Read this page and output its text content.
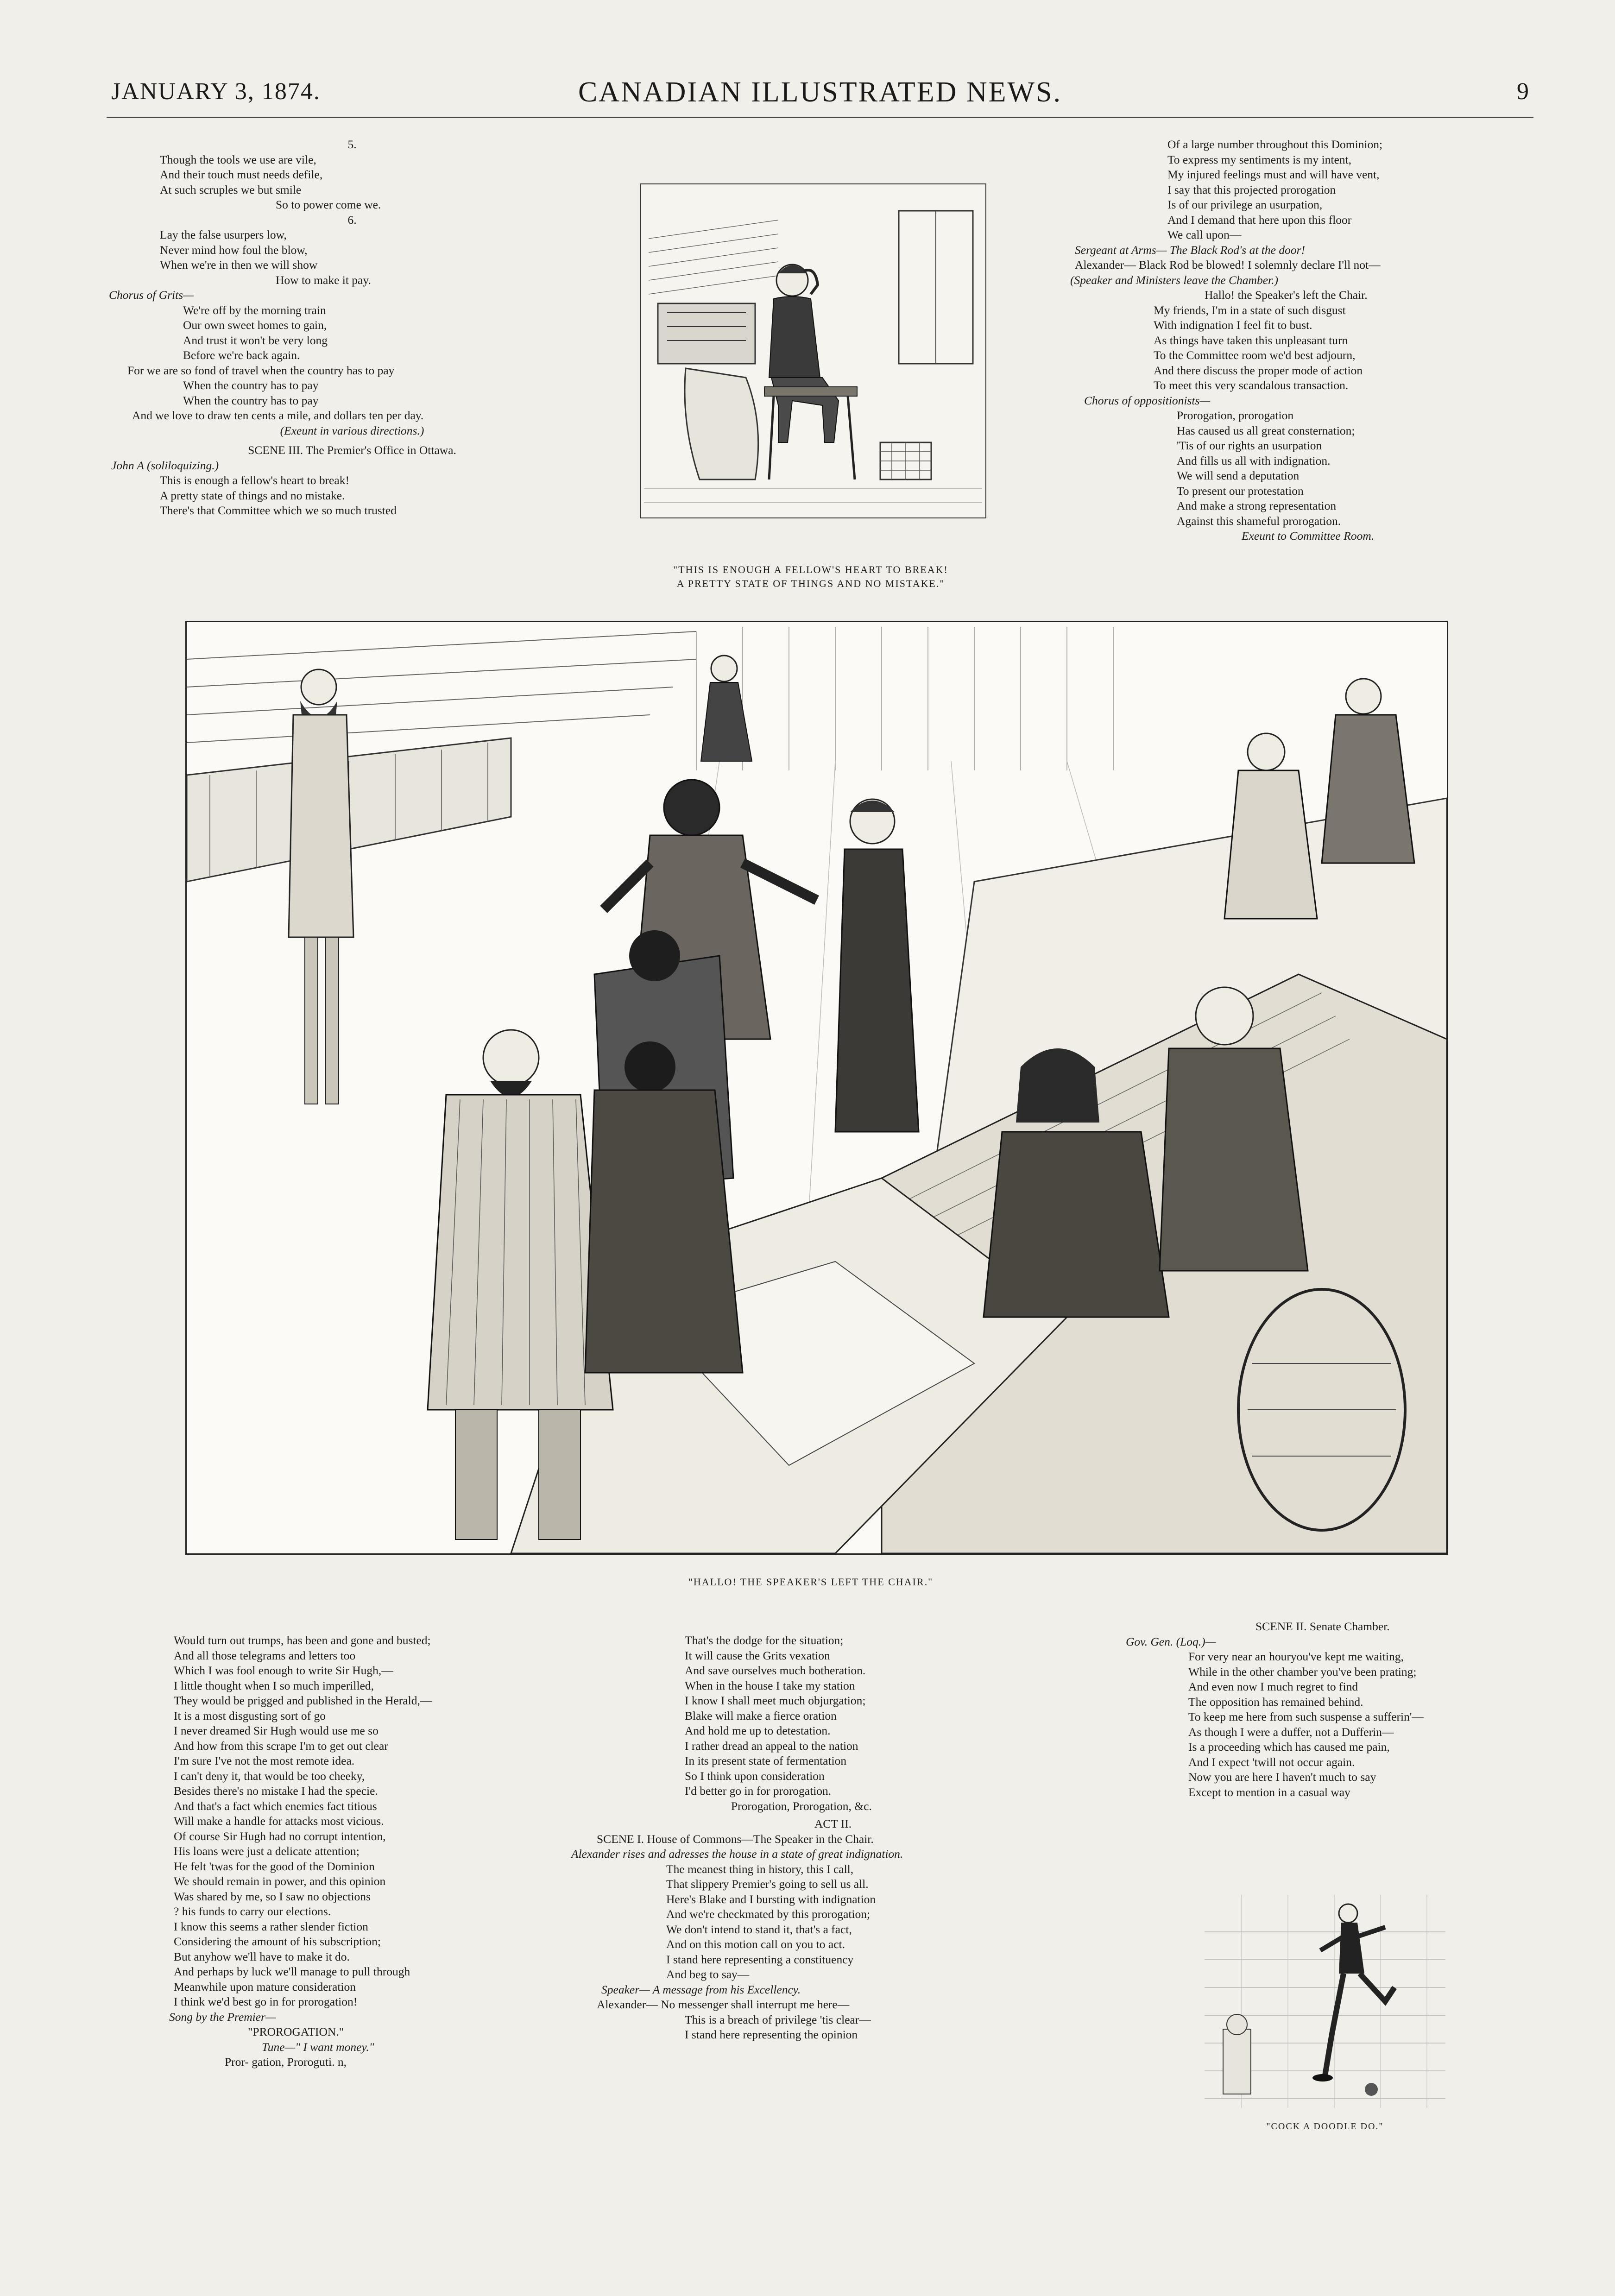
JANUARY 3, 1874.	CANADIAN ILLUSTRATED NEWS.	9
5.
Though the tools we use are vile,
And their touch must needs defile,
At such scruples we but smile
So to power come we.
6.
Lay the false usurpers low,
Never mind how foul the blow,
When we're in then we will show
How to make it pay.
Chorus of Grits—
We're off by the morning train
Our own sweet homes to gain,
And trust it won't be very long
Before we're back again.
For we are so fond of travel when the country has to pay
When the country has to pay
When the country has to pay
And we love to draw ten cents a mile, and dollars ten per day.
(Exeunt in various directions.)
SCENE III. The Premier's Office in Ottawa.
John A (soliloquizing.)
This is enough a fellow's heart to break!
A pretty state of things and no mistake.
There's that Committee which we so much trusted
"THIS IS ENOUGH A FELLOW'S HEART TO BREAK!
A PRETTY STATE OF THINGS AND NO MISTAKE."
Of a large number throughout this Dominion;
To express my sentiments is my intent,
My injured feelings must and will have vent,
I say that this projected prorogation
Is of our privilege an usurpation,
And I demand that here upon this floor
We call upon—
Sergeant at Arms— The Black Rod's at the door!
Alexander— Black Rod be blowed! I solemnly declare I'll not—
(Speaker and Ministers leave the Chamber.)
Hallo! the Speaker's left the Chair.
My friends, I'm in a state of such disgust
With indignation I feel fit to bust.
As things have taken this unpleasant turn
To the Committee room we'd best adjourn,
And there discuss the proper mode of action
To meet this very scandalous transaction.
Chorus of oppositionists—
Prorogation, prorogation
Has caused us all great consternation;
'Tis of our rights an usurpation
And fills us all with indignation.
We will send a deputation
To present our protestation
And make a strong representation
Against this shameful prorogation.
Exeunt to Committee Room.
"HALLO! THE SPEAKER'S LEFT THE CHAIR."
Would turn out trumps, has been and gone and busted;
And all those telegrams and letters too
Which I was fool enough to write Sir Hugh,—
I little thought when I so much imperilled,
They would be prigged and published in the Herald,—
It is a most disgusting sort of go
I never dreamed Sir Hugh would use me so
And how from this scrape I'm to get out clear
I'm sure I've not the most remote idea.
I can't deny it, that would be too cheeky,
Besides there's no mistake I had the specie.
And that's a fact which enemies fact titious
Will make a handle for attacks most vicious.
Of course Sir Hugh had no corrupt intention,
His loans were just a delicate attention;
He felt 'twas for the good of the Dominion
We should remain in power, and this opinion
Was shared by me, so I saw no objections
? his funds to carry our elections.
I know this seems a rather slender fiction
Considering the amount of his subscription;
But anyhow we'll have to make it do.
And perhaps by luck we'll manage to pull through
Meanwhile upon mature consideration
I think we'd best go in for prorogation!
Song by the Premier—
"PROROGATION."
Tune—" I want money."
Pror- gation, Proroguti. n,
That's the dodge for the situation;
It will cause the Grits vexation
And save ourselves much botheration.
When in the house I take my station
I know I shall meet much objurgation;
Blake will make a fierce oration
And hold me up to detestation.
I rather dread an appeal to the nation
In its present state of fermentation
So I think upon consideration
I'd better go in for prorogation.
Prorogation, Prorogation, &c.
ACT II.
SCENE I. House of Commons—The Speaker in the Chair.
Alexander rises and adresses the house in a state of great indignation.
The meanest thing in history, this I call,
That slippery Premier's going to sell us all.
Here's Blake and I bursting with indignation
And we're checkmated by this prorogation;
We don't intend to stand it, that's a fact,
And on this motion call on you to act.
I stand here representing a constituency
And beg to say—
Speaker— A message from his Excellency.
Alexander— No messenger shall interrupt me here—
This is a breach of privilege 'tis clear—
I stand here representing the opinion
SCENE II. Senate Chamber.
Gov. Gen. (Loq.)—
For very near an houryou've kept me waiting,
While in the other chamber you've been prating;
And even now I much regret to find
The opposition has remained behind.
To keep me here from such suspense a sufferin'—
As though I were a duffer, not a Dufferin—
Is a proceeding which has caused me pain,
And I expect 'twill not occur again.
Now you are here I haven't much to say
Except to mention in a casual way
"COCK A DOODLE DO."
